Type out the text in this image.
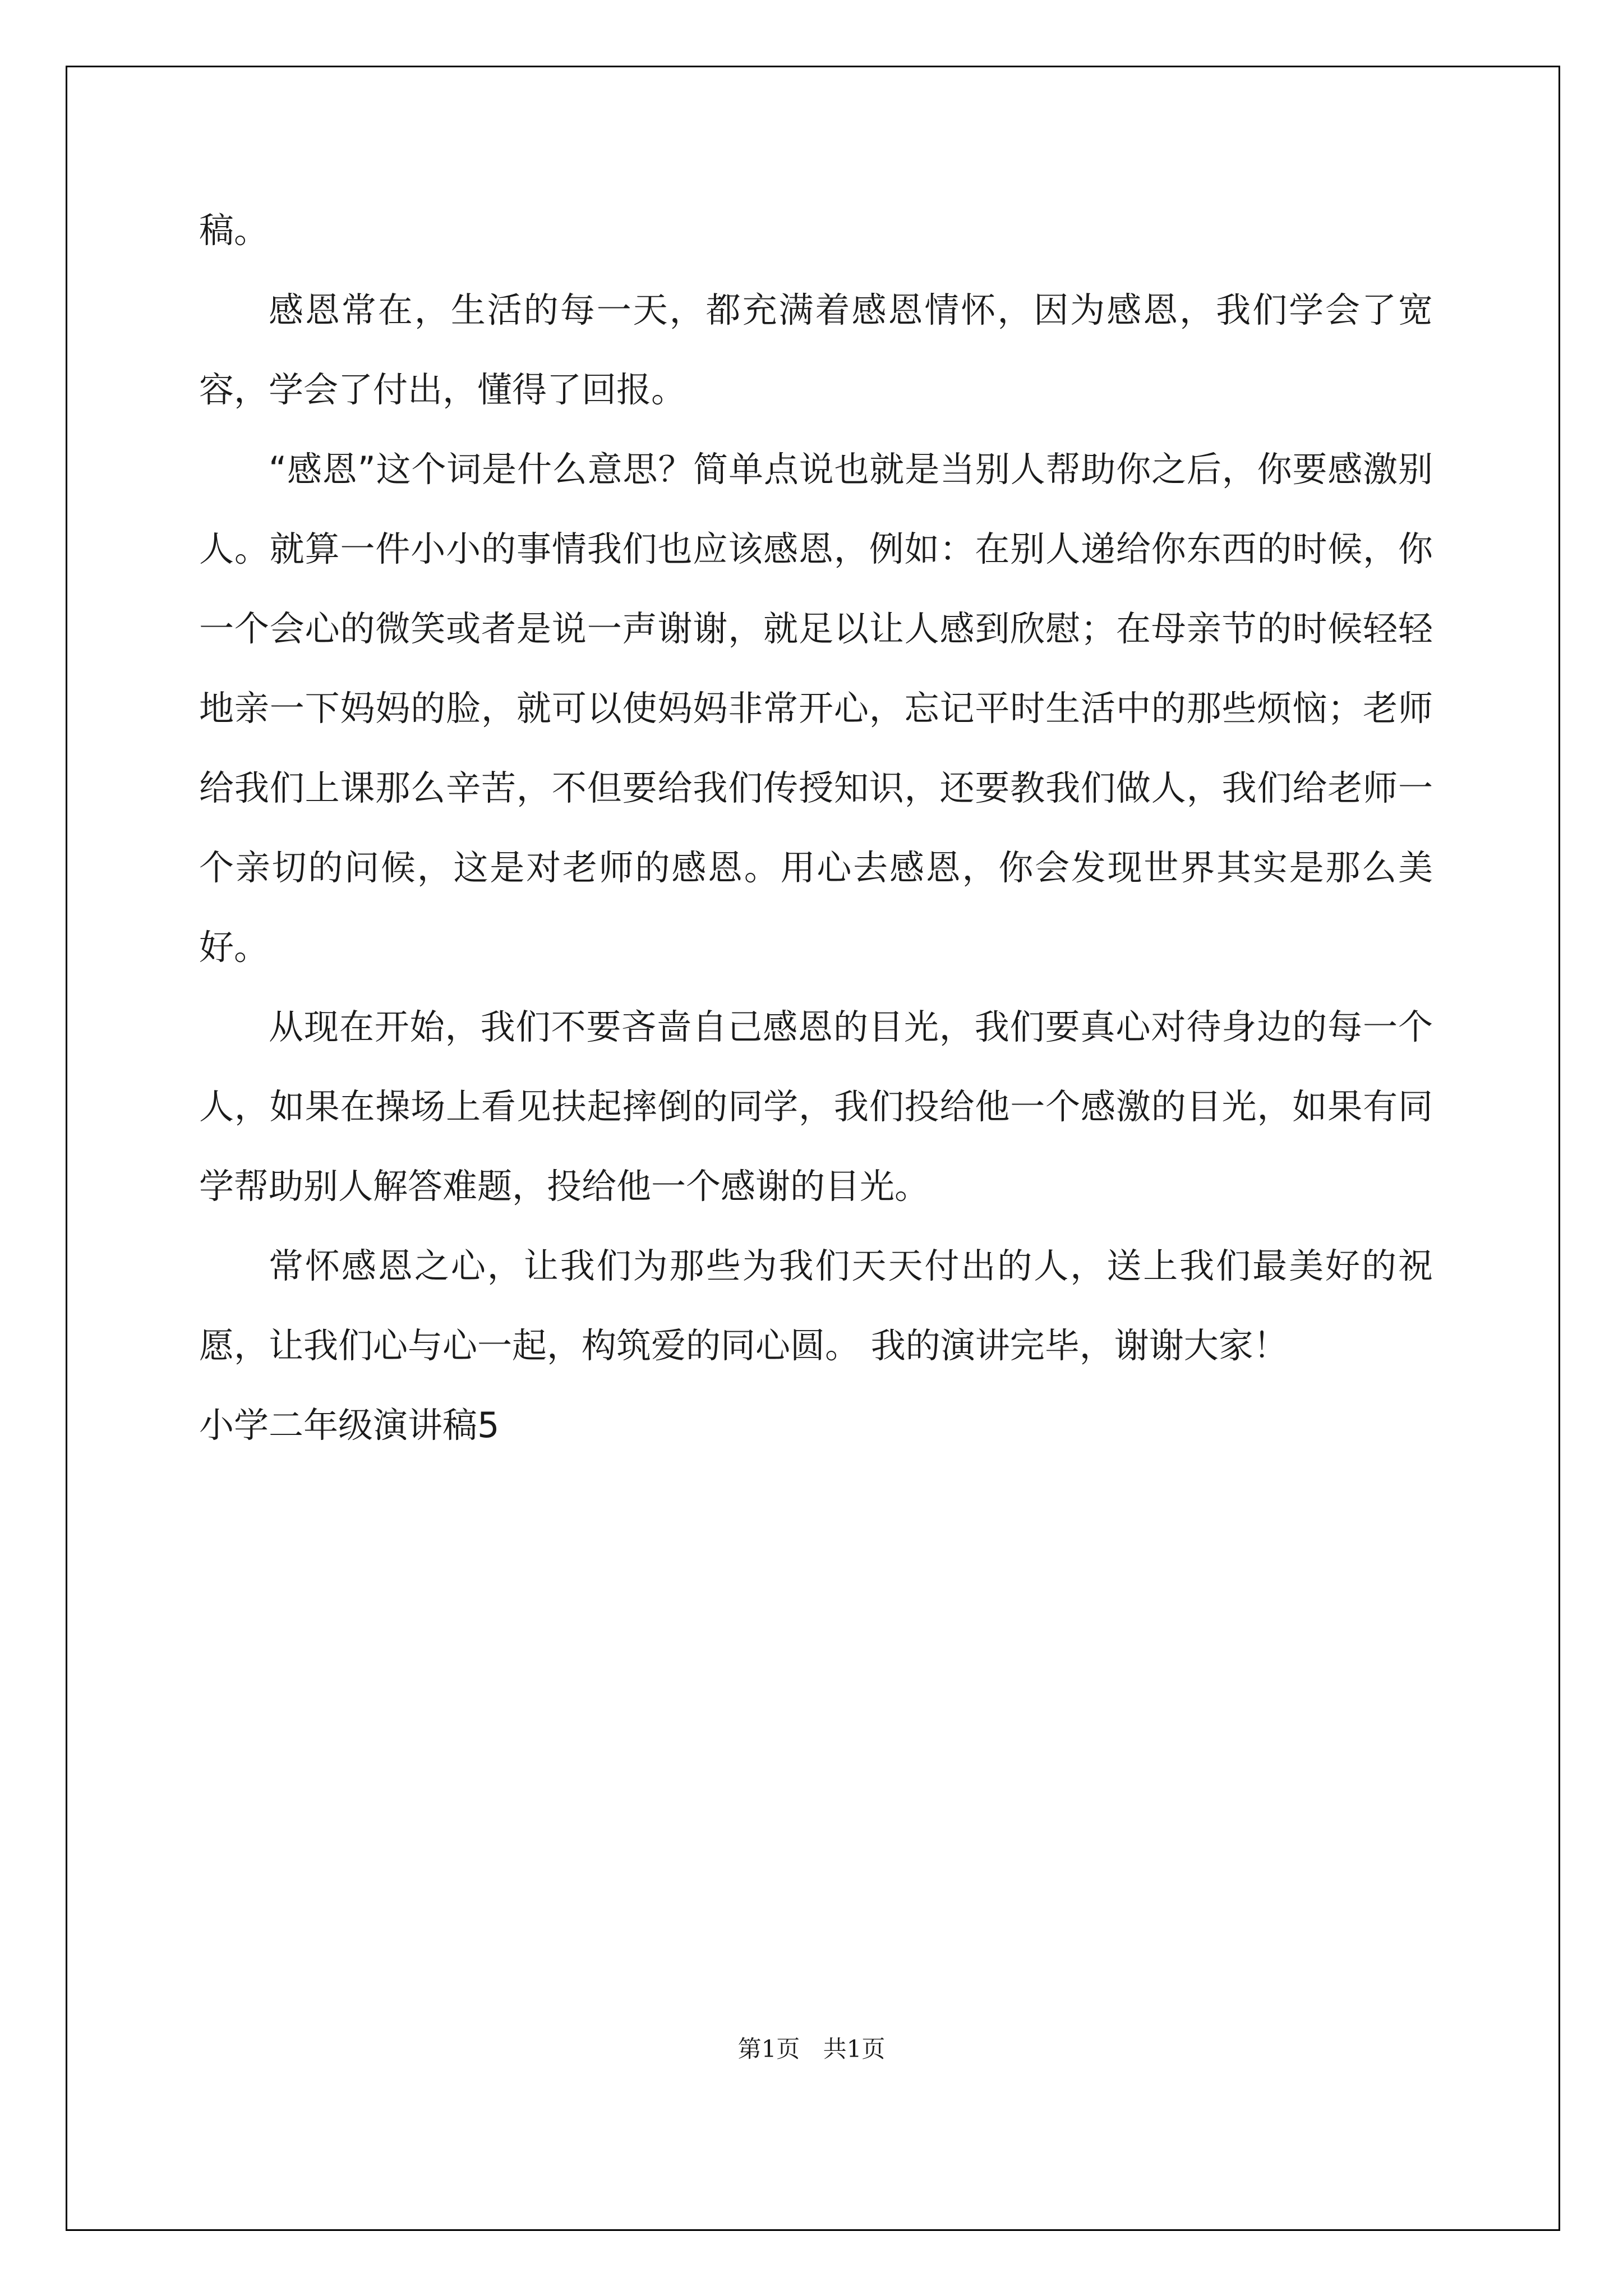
稿。

感恩常在，生活的每一天，都充满着感恩情怀，因为感恩，我们学会了宽容，学会了付出，懂得了回报。

“感恩”这个词是什么意思？简单点说也就是当别人帮助你之后，你要感激别人。就算一件小小的事情我们也应该感恩，例如：在别人递给你东西的时候，你一个会心的微笑或者是说一声谢谢，就足以让人感到欣慰；在母亲节的时候轻轻地亲一下妈妈的脸，就可以使妈妈非常开心，忘记平时生活中的那些烦恼；老师给我们上课那么辛苦，不但要给我们传授知识，还要教我们做人，我们给老师一个亲切的问候，这是对老师的感恩。用心去感恩，你会发现世界其实是那么美好。

从现在开始，我们不要吝啬自己感恩的目光，我们要真心对待身边的每一个人，如果在操场上看见扶起摔倒的同学，我们投给他一个感激的目光，如果有同学帮助别人解答难题，投给他一个感谢的目光。

常怀感恩之心，让我们为那些为我们天天付出的人，送上我们最美好的祝愿，让我们心与心一起，构筑爱的同心圆。 我的演讲完毕，谢谢大家！

小学二年级演讲稿5

第1页 共1页
